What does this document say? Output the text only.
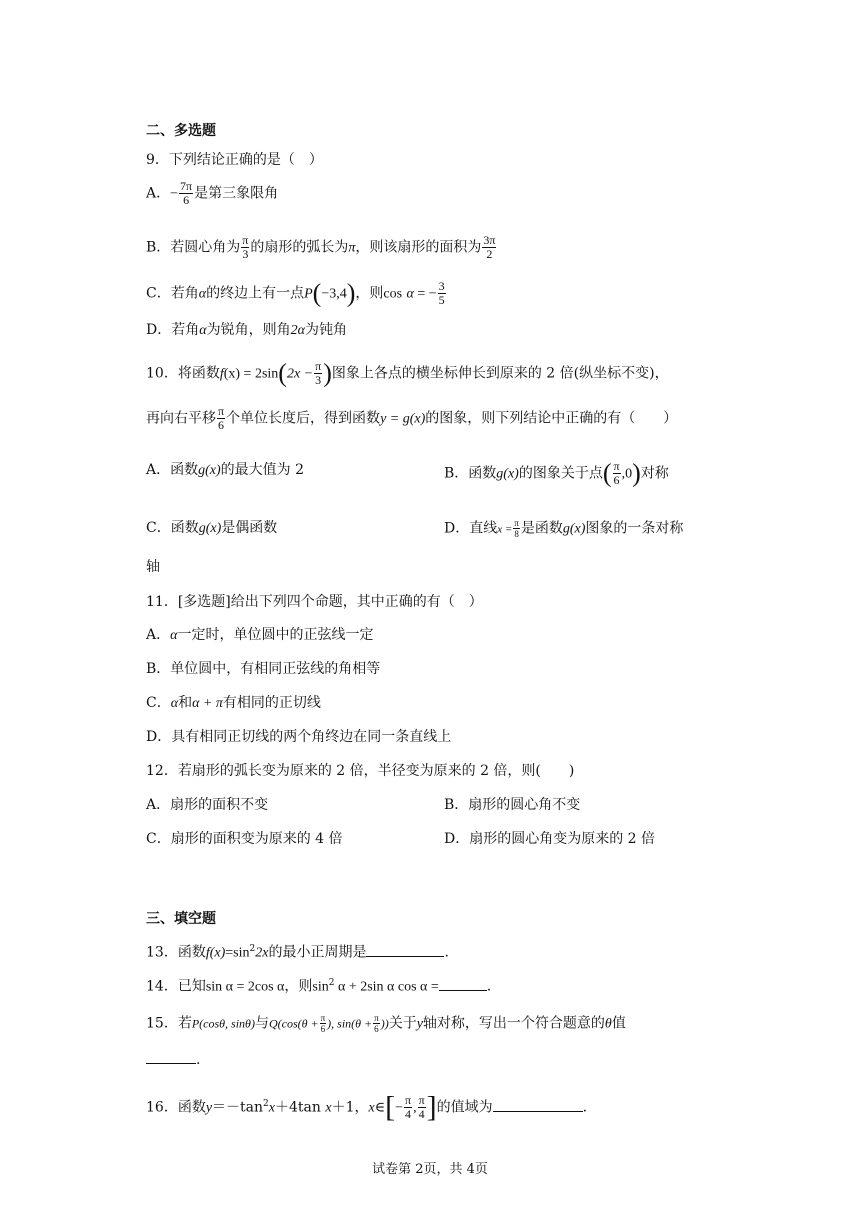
二、多选题
9．下列结论正确的是（　）
A．− $\frac{7\pi}{6}$ 是第三象限角
B．若圆心角为 $\frac{\pi}{3}$ 的扇形的弧长为π，则该扇形的面积为 $\frac{3\pi}{2}$
C．若角α的终边上有一点P(−3,4)，则cos α = − $\frac{3}{5}$
D．若角α为锐角，则角2α为钝角
10．将函数$f(x) = 2\sin(2x - \frac{\pi}{3}$ )图象上各点的横坐标伸长到原来的 2 倍(纵坐标不变)，
再向右平移 $\frac{\pi}{6}$ 个单位长度后，得到函数y = g(x)的图象，则下列结论中正确的有（　　）
A．函数g(x)的最大值为 2	B．函数g(x)的图象关于点( $\frac{\pi}{6} ,0$)对称
C．函数g(x)是偶函数	D．直线$x = \frac{\pi}{8}$ 是函数g(x)图象的一条对称
轴
11．[多选题]给出下列四个命题，其中正确的有（　）
A．α一定时，单位圆中的正弦线一定
B．单位圆中，有相同正弦线的角相等
C．α和α + π有相同的正切线
D．具有相同正切线的两个角终边在同一条直线上
12．若扇形的弧长变为原来的 2 倍，半径变为原来的 2 倍，则(　　)
A．扇形的面积不变	B．扇形的圆心角不变
C．扇形的面积变为原来的 4 倍	D．扇形的圆心角变为原来的 2 倍
三、填空题
13．函数$f(x)=\sin^22x$的最小正周期是	.
14．已知sin α = 2cos α，则$\sin^2 \alpha + 2\sin$ α cos α =	.
15．若P(cosθ, sinθ)与$Q(\cos(\theta + \frac{\pi}{6}$ ), $\sin(\theta + \frac{\pi}{6}$ ))关于y轴对称，写出一个符合题意的θ值
.
16．函数$y=-\tan^2x+4\tan$ x＋1，x∈[− $\frac{\pi}{4}$ , $\frac{\pi}{4}$ ]的值域为	.
试卷第 2页，共 4页
